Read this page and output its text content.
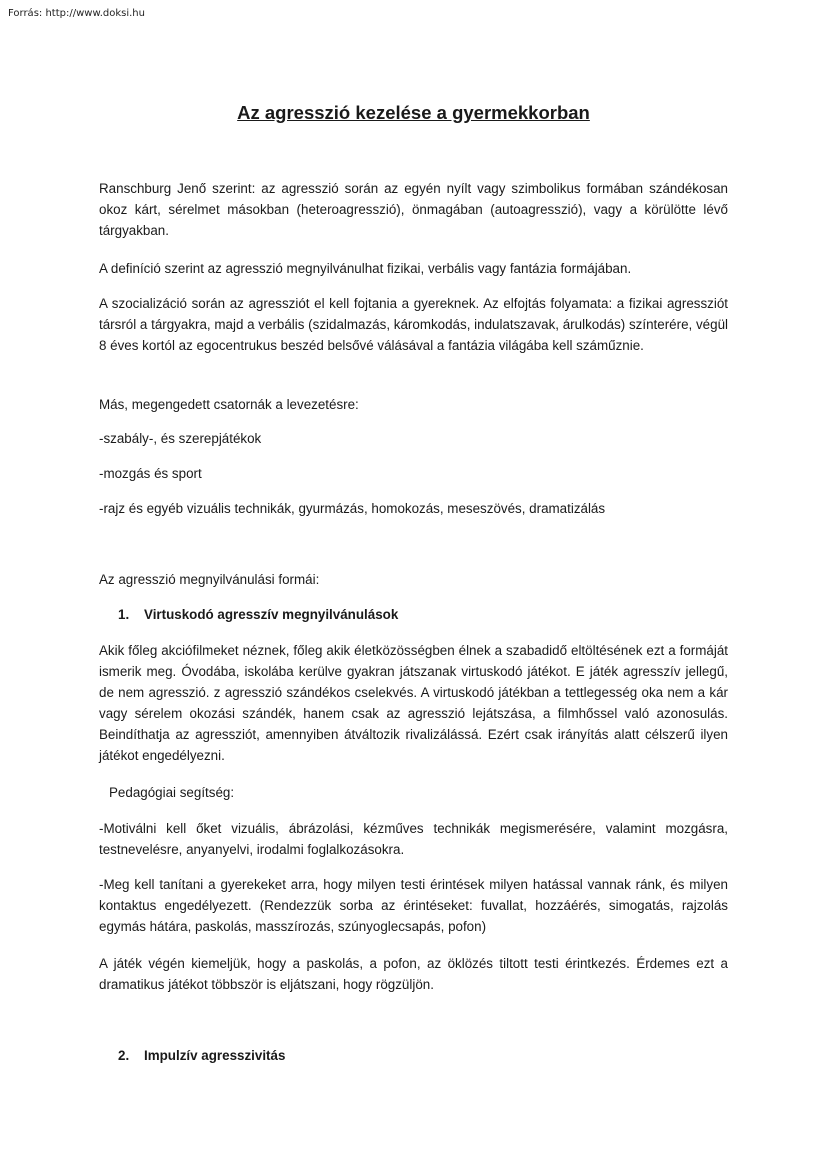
Forrás: http://www.doksi.hu
Az agresszió kezelése a gyermekkorban

Ranschburg Jenő szerint: az agresszió során az egyén nyílt vagy szimbolikus formában szándékosan okoz kárt, sérelmet másokban (heteroagresszió), önmagában (autoagresszió), vagy a körülötte lévő tárgyakban.

A definíció szerint az agresszió megnyilvánulhat fizikai, verbális vagy fantázia formájában.

A szocializáció során az agressziót el kell fojtania a gyereknek. Az elfojtás folyamata: a fizikai agressziót társról a tárgyakra, majd a verbális (szidalmazás, káromkodás, indulatszavak, árulkodás) színterére, végül 8 éves kortól az egocentrukus beszéd belsővé válásával a fantázia világába kell száműznie.

Más, megengedett csatornák a levezetésre:

-szabály-, és szerepjátékok

-mozgás és sport

-rajz és egyéb vizuális technikák, gyurmázás, homokozás, meseszövés, dramatizálás

Az agresszió megnyilvánulási formái:

1. Virtuskodó agresszív megnyilvánulások

Akik főleg akciófilmeket néznek, főleg akik életközösségben élnek a szabadidő eltöltésének ezt a formáját ismerik meg. Óvodába, iskolába kerülve gyakran játszanak virtuskodó játékot. E játék agresszív jellegű, de nem agresszió. z agresszió szándékos cselekvés. A virtuskodó játékban a tettlegesség oka nem a kár vagy sérelem okozási szándék, hanem csak az agresszió lejátszása, a filmhőssel való azonosulás. Beindíthatja az agressziót, amennyiben átváltozik rivalizálássá. Ezért csak irányítás alatt célszerű ilyen játékot engedélyezni.

Pedagógiai segítség:

-Motiválni kell őket vizuális, ábrázolási, kézműves technikák megismerésére, valamint mozgásra, testnevelésre, anyanyelvi, irodalmi foglalkozásokra.

-Meg kell tanítani a gyerekeket arra, hogy milyen testi érintések milyen hatással vannak ránk, és milyen kontaktus engedélyezett. (Rendezzük sorba az érintéseket: fuvallat, hozzáérés, simogatás, rajzolás egymás hátára, paskolás, masszírozás, szúnyoglecsapás, pofon)

A játék végén kiemeljük, hogy a paskolás, a pofon, az öklözés tiltott testi érintkezés. Érdemes ezt a dramatikus játékot többször is eljátszani, hogy rögzüljön.

2. Impulzív agresszivitás
